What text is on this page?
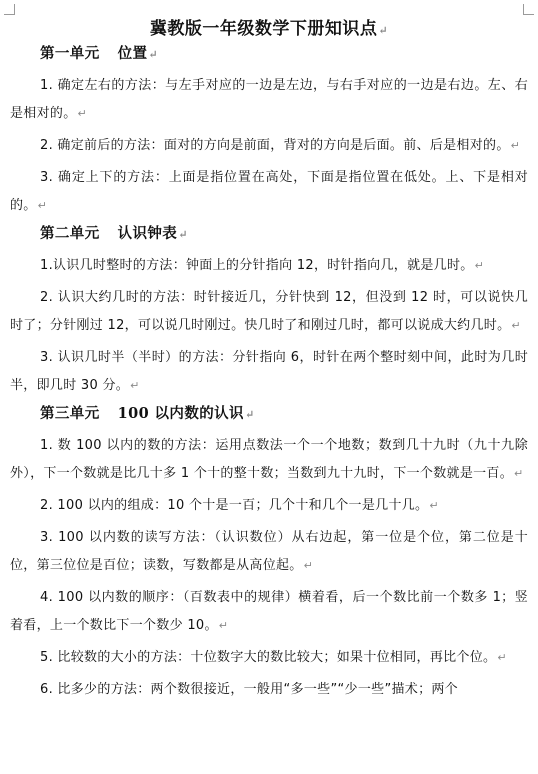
冀教版一年级数学下册知识点↵
第一单元 位置↵

1. 确定左右的方法：与左手对应的一边是左边，与右手对应的一边是右边。左、右是相对的。↵

2. 确定前后的方法：面对的方向是前面，背对的方向是后面。前、后是相对的。↵

3. 确定上下的方法：上面是指位置在高处，下面是指位置在低处。上、下是相对的。↵

第二单元 认识钟表↵

1.认识几时整时的方法：钟面上的分针指向 12，时针指向几，就是几时。↵

2. 认识大约几时的方法：时针接近几，分针快到 12，但没到 12 时，可以说快几时了；分针刚过 12，可以说几时刚过。快几时了和刚过几时，都可以说成大约几时。↵

3. 认识几时半（半时）的方法：分针指向 6，时针在两个整时刻中间，此时为几时半，即几时 30 分。↵

第三单元 100 以内数的认识↵

1. 数 100 以内的数的方法：运用点数法一个一个地数；数到几十九时（九十九除外），下一个数就是比几十多 1 个十的整十数；当数到九十九时，下一个数就是一百。↵

2. 100 以内的组成：10 个十是一百；几个十和几个一是几十几。↵

3. 100 以内数的读写方法：（认识数位）从右边起，第一位是个位，第二位是十位，第三位位是百位；读数，写数都是从高位起。↵

4. 100 以内数的顺序：（百数表中的规律）横着看，后一个数比前一个数多 1；竖着看，上一个数比下一个数少 10。↵

5. 比较数的大小的方法：十位数字大的数比较大；如果十位相同，再比个位。↵

6. 比多少的方法：两个数很接近，一般用“多一些”“少一些”描术；两个
